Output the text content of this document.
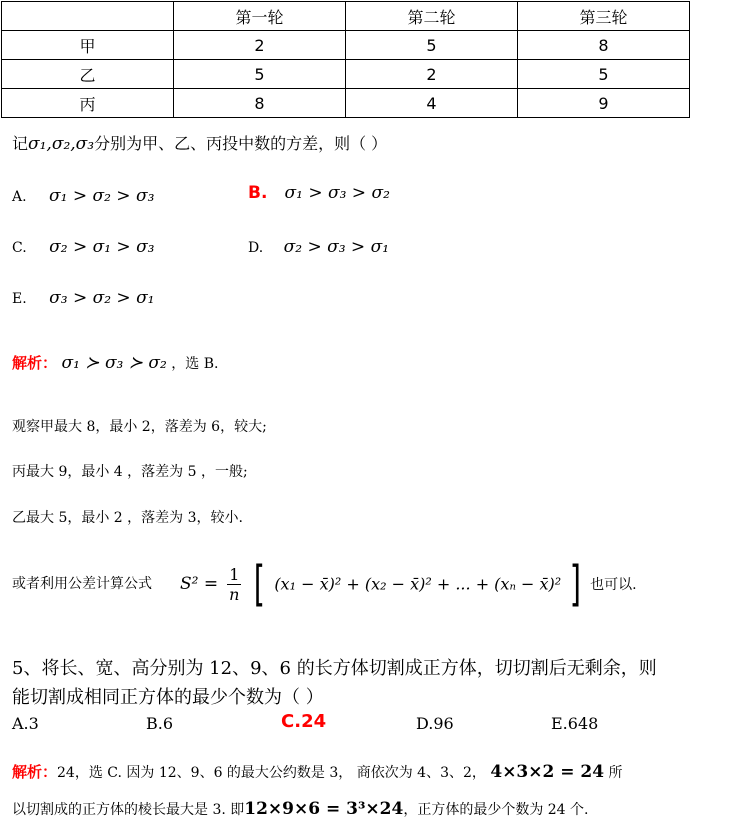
	第一轮	第二轮	第三轮
甲	2	5	8
乙	5	2	5
丙	8	4	9
记σ₁,σ₂,σ₃分别为甲、乙、丙投中数的方差，则（ ）
A. σ₁ > σ₂ > σ₃	B. σ₁ > σ₃ > σ₂
C. σ₂ > σ₁ > σ₃	D. σ₂ > σ₃ > σ₁
E. σ₃ > σ₂ > σ₁
解析： σ₁ ≻ σ₃ ≻ σ₂ ，选 B.
观察甲最大 8，最小 2，落差为 6，较大;
丙最大 9，最小 4 ，落差为 5 ，一般;
乙最大 5，最小 2 ，落差为 3，较小.
或者利用公差计算公式 $S^2 = \frac{1}{n}$ [ (x₁ − x̄)² + (x₂ − x̄)² + ... + (xₙ − x̄)² ] 也可以.
5、将长、宽、高分别为 12、9、6 的长方体切割成正方体，切切割后无剩余，则
能切割成相同正方体的最少个数为（ ）
A.3	B.6	C.24	D.96	E.648
解析：24，选 C. 因为 12、9、6 的最大公约数是 3， 商依次为 4、3、2， 4×3×2 = 24 所
以切割成的正方体的棱长最大是 3. 即12×9×6 = 3³×24，正方体的最少个数为 24 个.
